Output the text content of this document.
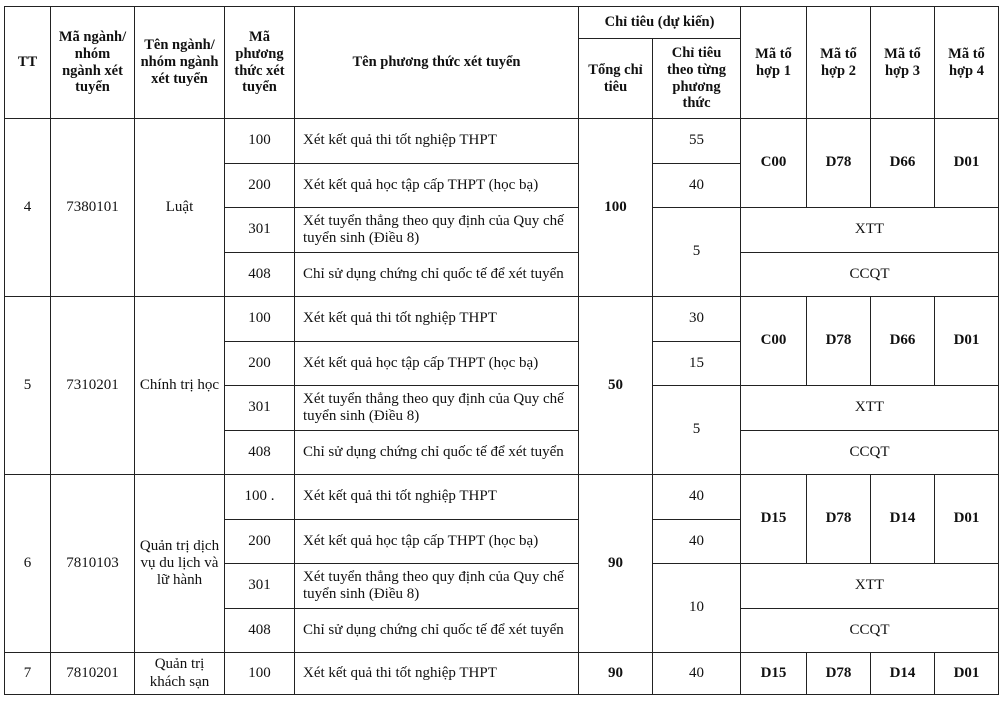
TT	Mã ngành/ nhóm ngành xét tuyển	Tên ngành/ nhóm ngành xét tuyển	Mã phương thức xét tuyển	Tên phương thức xét tuyển	Chỉ tiêu (dự kiến)		Mã tổ hợp 1	Mã tổ hợp 2	Mã tổ hợp 3	Mã tổ hợp 4
					Tổng chỉ tiêu	Chỉ tiêu theo từng phương thức				
4	7380101	Luật	100	Xét kết quả thi tốt nghiệp THPT	100	55	C00	D78	D66	D01
			200	Xét kết quả học tập cấp THPT (học bạ)		40				
			301	Xét tuyển thẳng theo quy định của Quy chế tuyển sinh (Điều 8)		5	XTT			
			408	Chỉ sử dụng chứng chỉ quốc tế để xét tuyển			CCQT			
5	7310201	Chính trị học	100	Xét kết quả thi tốt nghiệp THPT	50	30	C00	D78	D66	D01
			200	Xét kết quả học tập cấp THPT (học bạ)		15				
			301	Xét tuyển thẳng theo quy định của Quy chế tuyển sinh (Điều 8)		5	XTT			
			408	Chỉ sử dụng chứng chỉ quốc tế để xét tuyển			CCQT			
6	7810103	Quản trị dịch vụ du lịch và lữ hành	100 .	Xét kết quả thi tốt nghiệp THPT	90	40	D15	D78	D14	D01
			200	Xét kết quả học tập cấp THPT (học bạ)		40				
			301	Xét tuyển thẳng theo quy định của Quy chế tuyển sinh (Điều 8)		10	XTT			
			408	Chỉ sử dụng chứng chỉ quốc tế để xét tuyển			CCQT			
7	7810201	Quản trị khách sạn	100	Xét kết quả thi tốt nghiệp THPT	90	40	D15	D78	D14	D01
